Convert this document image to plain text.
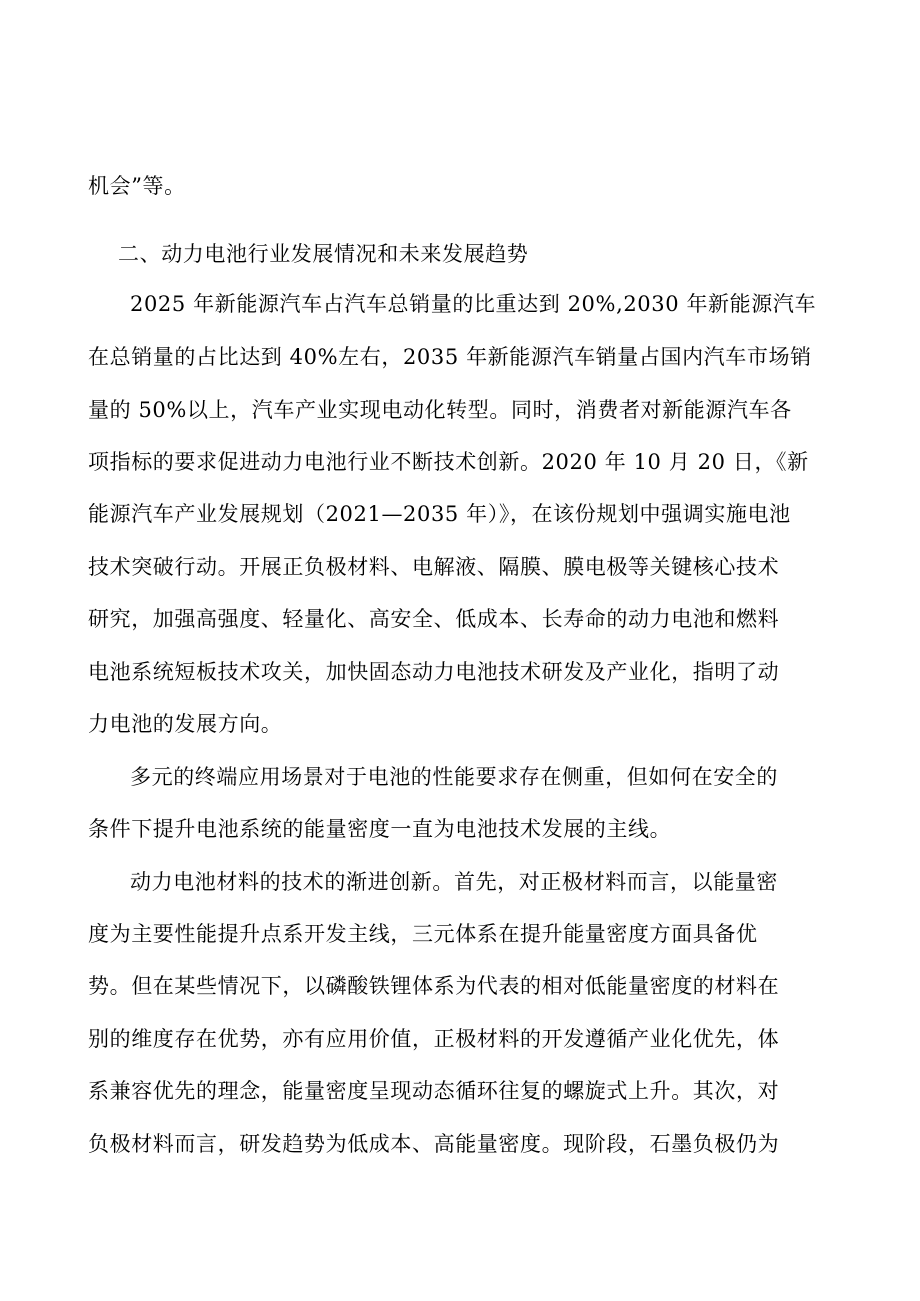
机会”等。
二、动力电池行业发展情况和未来发展趋势
2025 年新能源汽车占汽车总销量的比重达到 20%,2030 年新能源汽车
在总销量的占比达到 40%左右，2035 年新能源汽车销量占国内汽车市场销
量的 50%以上，汽车产业实现电动化转型。同时，消费者对新能源汽车各
项指标的要求促进动力电池行业不断技术创新。2020 年 10 月 20 日，《新
能源汽车产业发展规划（2021—2035 年）》，在该份规划中强调实施电池
技术突破行动。开展正负极材料、电解液、隔膜、膜电极等关键核心技术
研究，加强高强度、轻量化、高安全、低成本、长寿命的动力电池和燃料
电池系统短板技术攻关，加快固态动力电池技术研发及产业化，指明了动
力电池的发展方向。
多元的终端应用场景对于电池的性能要求存在侧重，但如何在安全的
条件下提升电池系统的能量密度一直为电池技术发展的主线。
动力电池材料的技术的渐进创新。首先，对正极材料而言，以能量密
度为主要性能提升点系开发主线，三元体系在提升能量密度方面具备优
势。但在某些情况下，以磷酸铁锂体系为代表的相对低能量密度的材料在
别的维度存在优势，亦有应用价值，正极材料的开发遵循产业化优先，体
系兼容优先的理念，能量密度呈现动态循环往复的螺旋式上升。其次，对
负极材料而言，研发趋势为低成本、高能量密度。现阶段，石墨负极仍为
